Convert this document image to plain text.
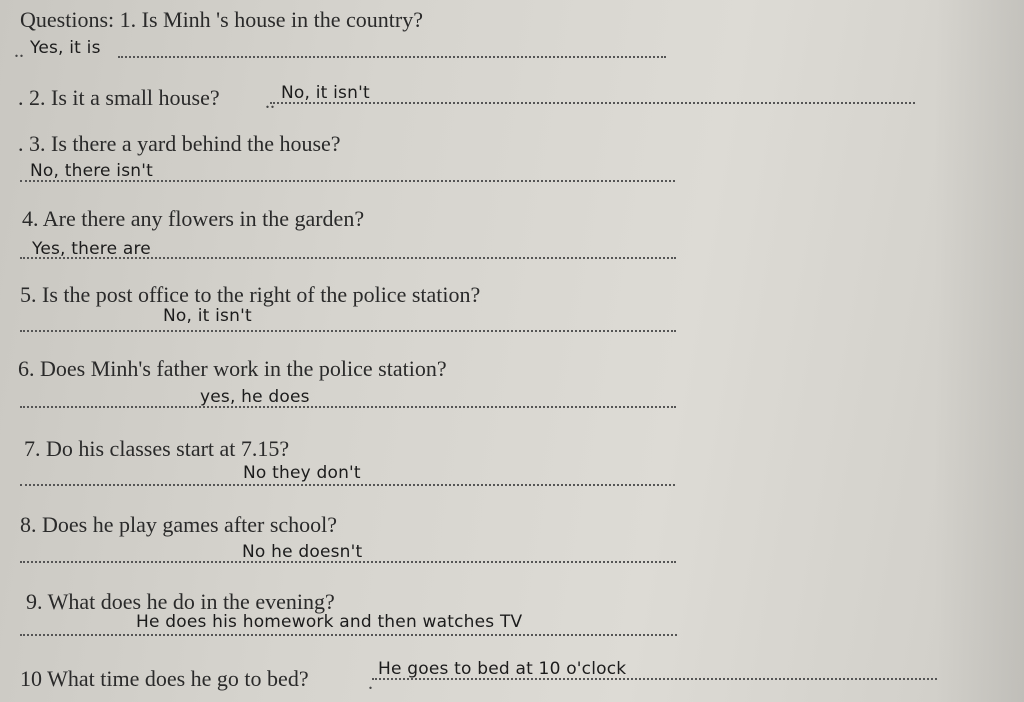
Questions: 1. Is Minh 's house in the country?
.. Yes, it is
. 2. Is it a small house? .. No, it isn't
. 3. Is there a yard behind the house?
No, there isn't
4. Are there any flowers in the garden?
Yes, there are
5. Is the post office to the right of the police station?
No, it isn't
6. Does Minh's father work in the police station?
yes, he does
7. Do his classes start at 7.15?
No they don't
8. Does he play games after school?
No he doesn't
9. What does he do in the evening?
He does his homework and then watches TV
10 What time does he go to bed?	.
He goes to bed at 10 o'clock
